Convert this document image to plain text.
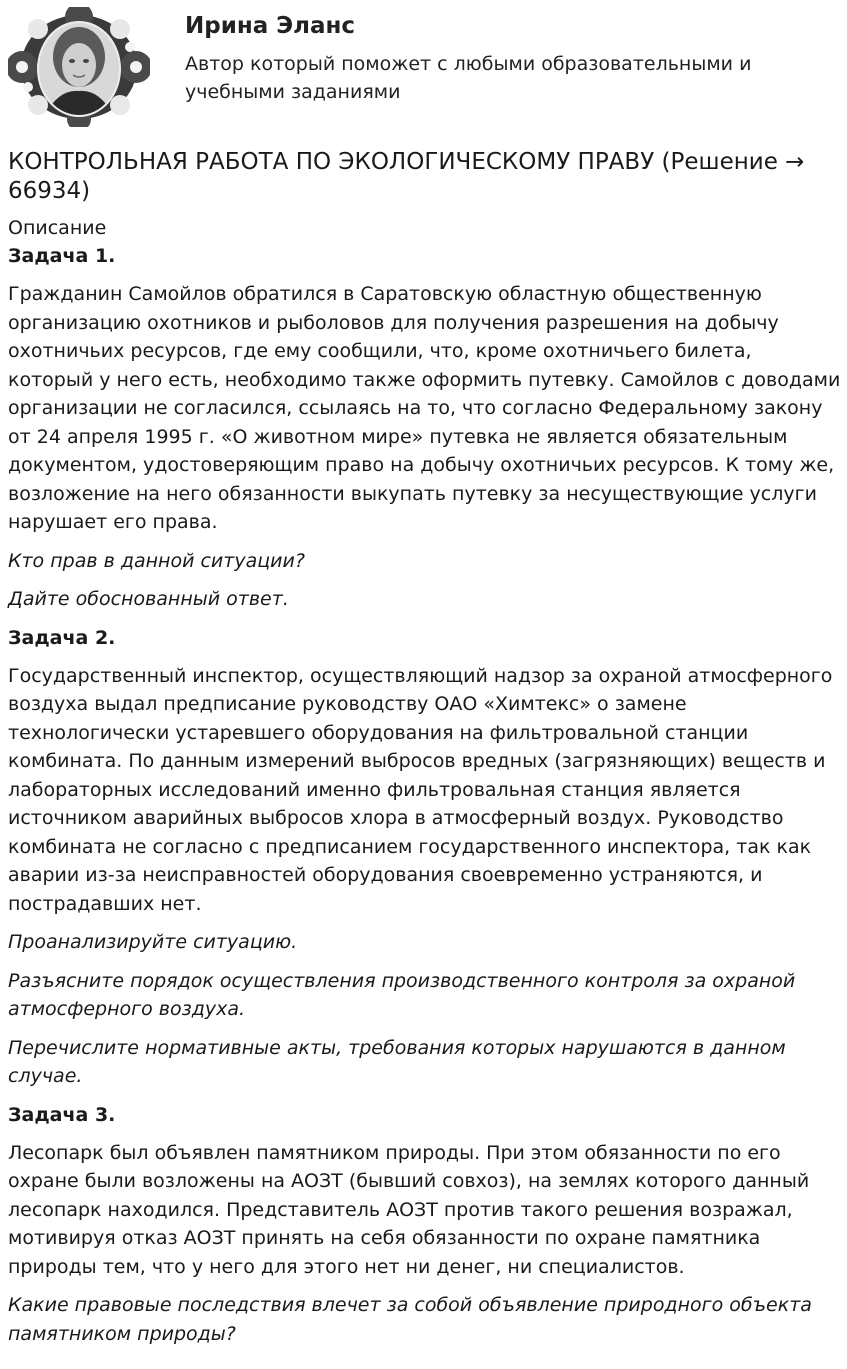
Ирина Эланс
Автор который поможет с любыми образовательными и учебными заданиями
КОНТРОЛЬНАЯ РАБОТА ПО ЭКОЛОГИЧЕСКОМУ ПРАВУ (Решение → 66934)
Описание
Задача 1.

Гражданин Самойлов обратился в Саратовскую областную общественную организацию охотников и рыболовов для получения разрешения на добычу охотничьих ресурсов, где ему сообщили, что, кроме охотничьего билета, который у него есть, необходимо также оформить путевку. Самойлов с доводами организации не согласился, ссылаясь на то, что согласно Федеральному закону от 24 апреля 1995 г. «О животном мире» путевка не является обязательным документом, удостоверяющим право на добычу охотничьих ресурсов. К тому же, возложение на него обязанности выкупать путевку за несуществующие услуги нарушает его права.

Кто прав в данной ситуации?

Дайте обоснованный ответ.

Задача 2.

Государственный инспектор, осуществляющий надзор за охраной атмосферного воздуха выдал предписание руководству ОАО «Химтекс» о замене технологически устаревшего оборудования на фильтровальной станции комбината. По данным измерений выбросов вредных (загрязняющих) веществ и лабораторных исследований именно фильтровальная станция является источником аварийных выбросов хлора в атмосферный воздух. Руководство комбината не согласно с предписанием государственного инспектора, так как аварии из-за неисправностей оборудования своевременно устраняются, и пострадавших нет.

Проанализируйте ситуацию.

Разъясните порядок осуществления производственного контроля за охраной атмосферного воздуха.

Перечислите нормативные акты, требования которых нарушаются в данном случае.

Задача 3.

Лесопарк был объявлен памятником природы. При этом обязанности по его охране были возложены на АОЗТ (бывший совхоз), на землях которого данный лесопарк находился. Представитель АОЗТ против такого решения возражал, мотивируя отказ АОЗТ принять на себя обязанности по охране памятника природы тем, что у него для этого нет ни денег, ни специалистов.

Какие правовые последствия влечет за собой объявление природного объекта памятником природы?
